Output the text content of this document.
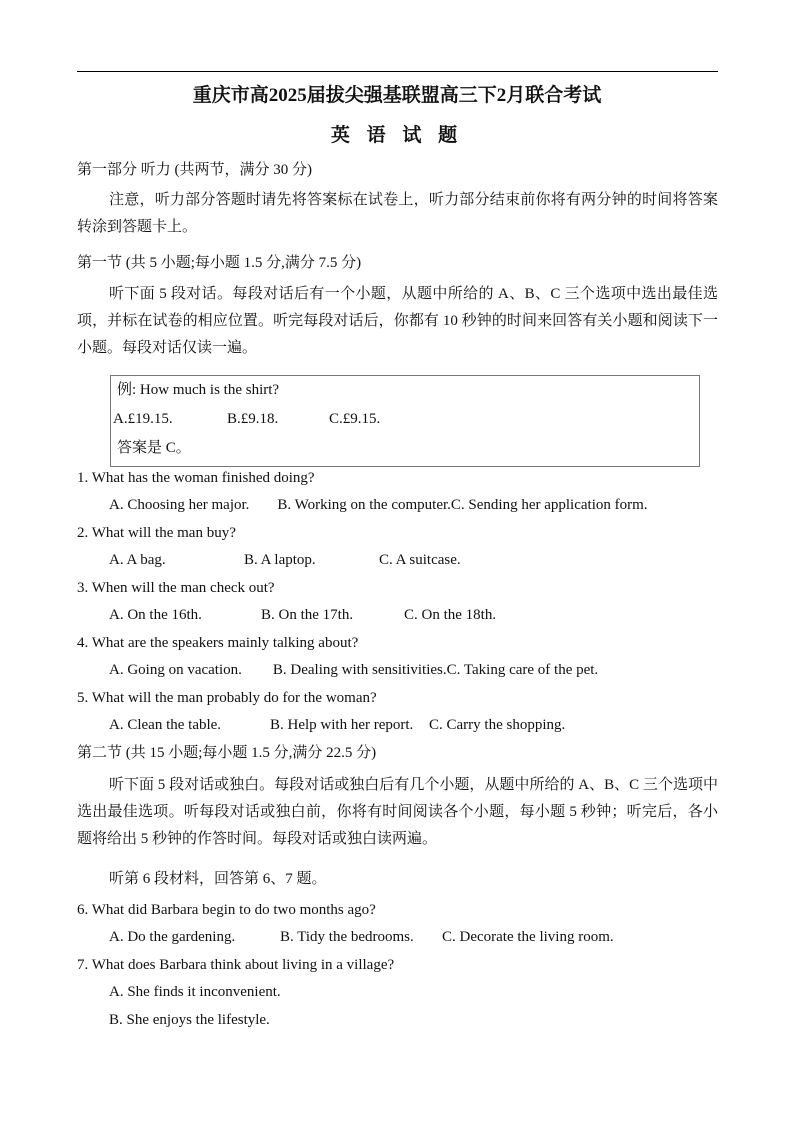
重庆市高2025届拔尖强基联盟高三下2月联合考试
英 语 试 题
第一部分 听力 (共两节，满分 30 分)
注意，听力部分答题时请先将答案标在试卷上，听力部分结束前你将有两分钟的时间将答案转涂到答题卡上。
第一节 (共 5 小题;每小题 1.5 分,满分 7.5 分)
听下面 5 段对话。每段对话后有一个小题，从题中所给的 A、B、C 三个选项中选出最佳选项，并标在试卷的相应位置。听完每段对话后，你都有 10 秒钟的时间来回答有关小题和阅读下一小题。每段对话仅读一遍。
例: How much is the shirt?
A.£19.15.	B.£9.18.	C.£9.15.
答案是 C。
1. What has the woman finished doing?
A. Choosing her major. B. Working on the computer.C. Sending her application form.
2. What will the man buy?
A. A bag.	B. A laptop.	C. A suitcase.
3. When will the man check out?
A. On the 16th.	B. On the 17th.	C. On the 18th.
4. What are the speakers mainly talking about?
A. Going on vacation. B. Dealing with sensitivities.C. Taking care of the pet.
5. What will the man probably do for the woman?
A. Clean the table.	B. Help with her report. C. Carry the shopping.
第二节 (共 15 小题;每小题 1.5 分,满分 22.5 分)
听下面 5 段对话或独白。每段对话或独白后有几个小题，从题中所给的 A、B、C 三个选项中选出最佳选项。听每段对话或独白前，你将有时间阅读各个小题，每小题 5 秒钟；听完后，各小题将给出 5 秒钟的作答时间。每段对话或独白读两遍。
听第 6 段材料，回答第 6、7 题。
6. What did Barbara begin to do two months ago?
A. Do the gardening.	B. Tidy the bedrooms. C. Decorate the living room.
7. What does Barbara think about living in a village?
A. She finds it inconvenient.
B. She enjoys the lifestyle.
